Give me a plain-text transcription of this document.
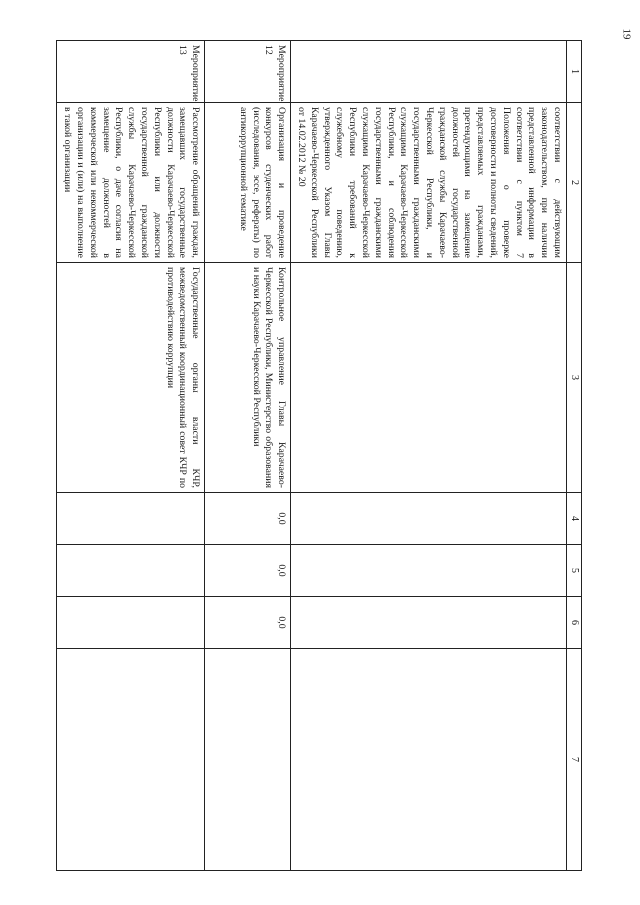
19
1	2	3	4	5	6	7
	соответствии с действующим законодательством, при наличии представленной информации в соответствии с пунктом 7 Положения о проверке достоверности и полноты сведений, представляемых гражданами, претендующими на замещение должностей государственной гражданской службы Карачаево-Черкесской Республики, и государственными гражданскими служащими Карачаево-Черкесской Республики, и соблюдения государственными гражданскими служащими Карачаево-Черкесской Республики требований к служебному поведению, утвержденного Указом Главы Карачаево-Черкесской Республики от 14.02.2012 № 20					
Мероприятие 12	Организация и проведение конкурсов студенческих работ (исследования, эссе, рефераты) по антикоррупционной тематике	Контрольное управление Главы Карачаево-Черкесской Республики, Министерство образования и науки Карачаево-Черкесской Республики	0,0	0,0	0,0	
Мероприятие 13	Рассмотрение обращений граждан, замещавших государственные должности Карачаево-Черкесской Республики или должности государственной гражданской службы Карачаево-Черкесской Республики, о даче согласия на замещение должностей в коммерческой или некоммерческой организации и (или) на выполнение в такой организации	Государственные органы власти КЧР, межведомственный координационный совет КЧР по противодействию коррупции				
